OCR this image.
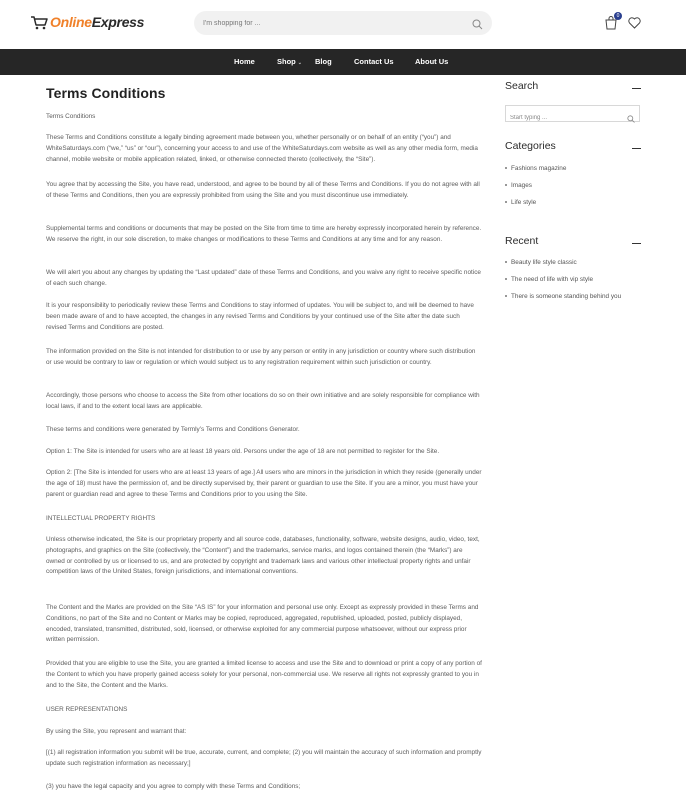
OnlineExpress
I'm shopping for ...	0
Home	Shop ⌄ Blog	Contact Us	About Us
Terms Conditions

Terms Conditions

These Terms and Conditions constitute a legally binding agreement made between you, whether personally or on behalf of an entity (“you”) and WhiteSaturdays.com (“we,” “us” or “our”), concerning your access to and use of the WhiteSaturdays.com website as well as any other media form, media channel, mobile website or mobile application related, linked, or otherwise connected thereto (collectively, the “Site”).

You agree that by accessing the Site, you have read, understood, and agree to be bound by all of these Terms and Conditions. If you do not agree with all of these Terms and Conditions, then you are expressly prohibited from using the Site and you must discontinue use immediately.

Supplemental terms and conditions or documents that may be posted on the Site from time to time are hereby expressly incorporated herein by reference. We reserve the right, in our sole discretion, to make changes or modifications to these Terms and Conditions at any time and for any reason.

We will alert you about any changes by updating the “Last updated” date of these Terms and Conditions, and you waive any right to receive specific notice of each such change.

It is your responsibility to periodically review these Terms and Conditions to stay informed of updates. You will be subject to, and will be deemed to have been made aware of and to have accepted, the changes in any revised Terms and Conditions by your continued use of the Site after the date such revised Terms and Conditions are posted.

The information provided on the Site is not intended for distribution to or use by any person or entity in any jurisdiction or country where such distribution or use would be contrary to law or regulation or which would subject us to any registration requirement within such jurisdiction or country.

Accordingly, those persons who choose to access the Site from other locations do so on their own initiative and are solely responsible for compliance with local laws, if and to the extent local laws are applicable.

These terms and conditions were generated by Termly’s Terms and Conditions Generator.

Option 1: The Site is intended for users who are at least 18 years old. Persons under the age of 18 are not permitted to register for the Site.

Option 2: [The Site is intended for users who are at least 13 years of age.] All users who are minors in the jurisdiction in which they reside (generally under the age of 18) must have the permission of, and be directly supervised by, their parent or guardian to use the Site. If you are a minor, you must have your parent or guardian read and agree to these Terms and Conditions prior to you using the Site.

INTELLECTUAL PROPERTY RIGHTS

Unless otherwise indicated, the Site is our proprietary property and all source code, databases, functionality, software, website designs, audio, video, text, photographs, and graphics on the Site (collectively, the “Content”) and the trademarks, service marks, and logos contained therein (the “Marks”) are owned or controlled by us or licensed to us, and are protected by copyright and trademark laws and various other intellectual property rights and unfair competition laws of the United States, foreign jurisdictions, and international conventions.

The Content and the Marks are provided on the Site “AS IS” for your information and personal use only. Except as expressly provided in these Terms and Conditions, no part of the Site and no Content or Marks may be copied, reproduced, aggregated, republished, uploaded, posted, publicly displayed, encoded, translated, transmitted, distributed, sold, licensed, or otherwise exploited for any commercial purpose whatsoever, without our express prior written permission.

Provided that you are eligible to use the Site, you are granted a limited license to access and use the Site and to download or print a copy of any portion of the Content to which you have properly gained access solely for your personal, non-commercial use. We reserve all rights not expressly granted to you in and to the Site, the Content and the Marks.

USER REPRESENTATIONS

By using the Site, you represent and warrant that:

[(1) all registration information you submit will be true, accurate, current, and complete; (2) you will maintain the accuracy of such information and promptly update such registration information as necessary;]

(3) you have the legal capacity and you agree to comply with these Terms and Conditions;

Search
Start typing ...
Categories
Fashions magazine
Images
Life style
Recent
Beauty life style classic
The need of life with vip style
There is someone standing behind you
